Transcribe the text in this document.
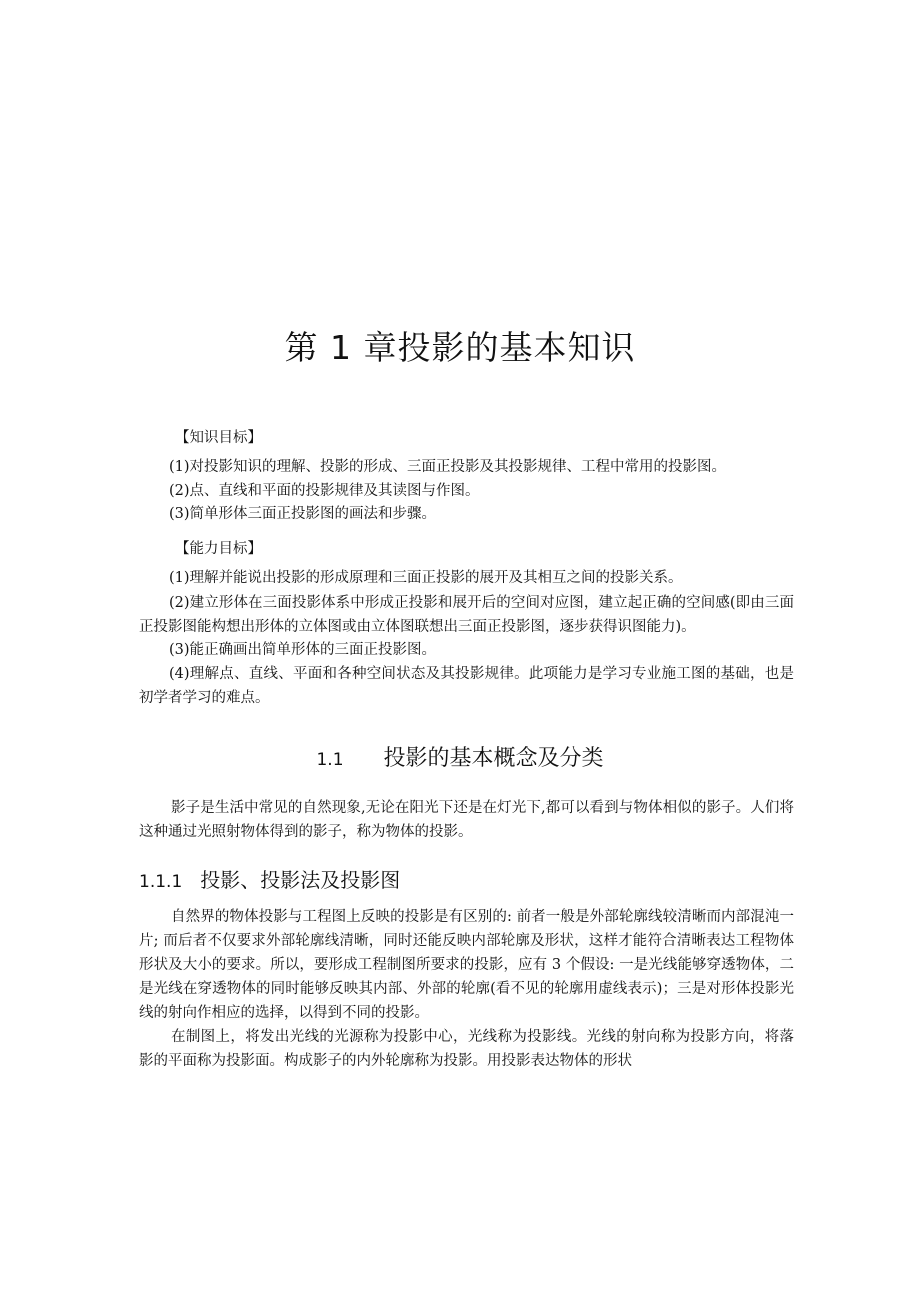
第 1 章投影的基本知识

【知识目标】

(1)对投影知识的理解、投影的形成、三面正投影及其投影规律、工程中常用的投影图。

(2)点、直线和平面的投影规律及其读图与作图。

(3)简单形体三面正投影图的画法和步骤。

【能力目标】

(1)理解并能说出投影的形成原理和三面正投影的展开及其相互之间的投影关系。

(2)建立形体在三面投影体系中形成正投影和展开后的空间对应图，建立起正确的空间感(即由三面正投影图能构想出形体的立体图或由立体图联想出三面正投影图，逐步获得识图能力)。

(3)能正确画出简单形体的三面正投影图。

(4)理解点、直线、平面和各种空间状态及其投影规律。此项能力是学习专业施工图的基础，也是初学者学习的难点。

1.1 投影的基本概念及分类

影子是生活中常见的自然现象,无论在阳光下还是在灯光下,都可以看到与物体相似的影子。人们将这种通过光照射物体得到的影子，称为物体的投影。

1.1.1 投影、投影法及投影图

自然界的物体投影与工程图上反映的投影是有区别的: 前者一般是外部轮廓线较清晰而内部混沌一片; 而后者不仅要求外部轮廓线清晰，同时还能反映内部轮廓及形状，这样才能符合清晰表达工程物体形状及大小的要求。所以，要形成工程制图所要求的投影，应有 3 个假设: 一是光线能够穿透物体，二是光线在穿透物体的同时能够反映其内部、外部的轮廓(看不见的轮廓用虚线表示)；三是对形体投影光线的射向作相应的选择，以得到不同的投影。

在制图上，将发出光线的光源称为投影中心，光线称为投影线。光线的射向称为投影方向，将落影的平面称为投影面。构成影子的内外轮廓称为投影。用投影表达物体的形状
